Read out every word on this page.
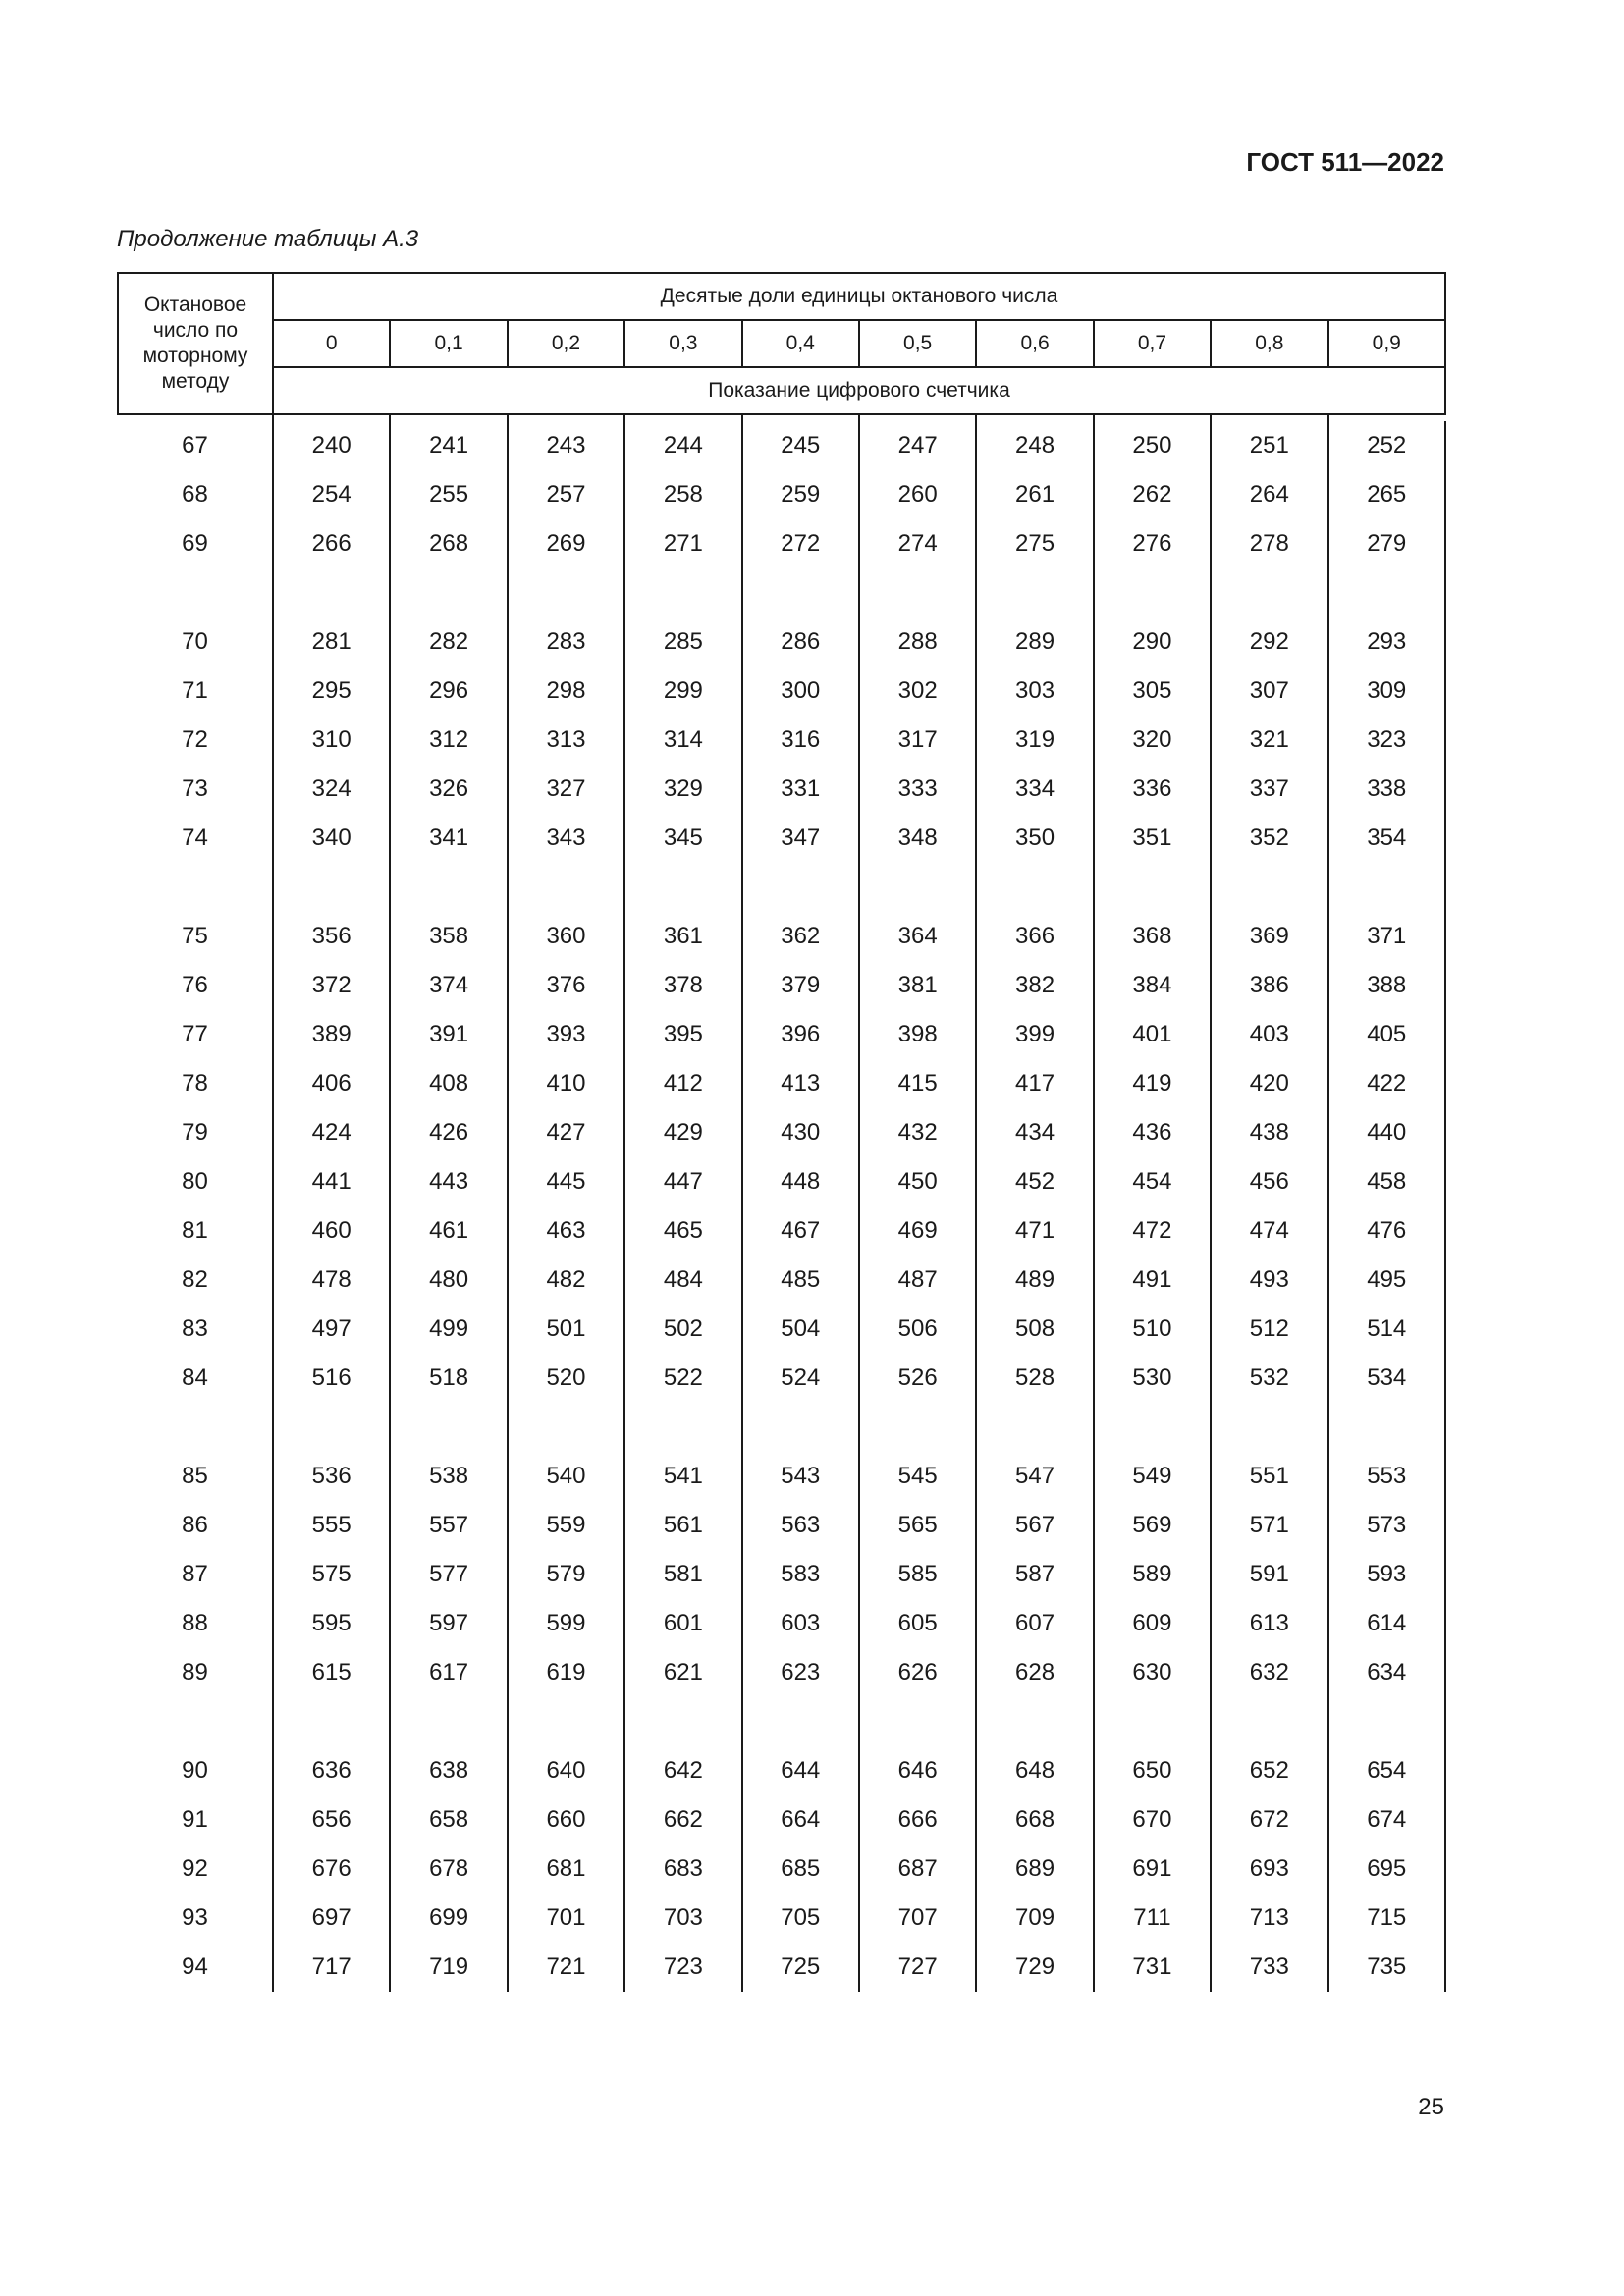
ГОСТ 511—2022
Продолжение таблицы А.3
Октановое число по моторному методу	Десятые доли единицы октанового числа									
	0	0,1	0,2	0,3	0,4	0,5	0,6	0,7	0,8	0,9
	Показание цифрового счетчика									

67	240	241	243	244	245	247	248	250	251	252
68	254	255	257	258	259	260	261	262	264	265
69	266	268	269	271	272	274	275	276	278	279

70	281	282	283	285	286	288	289	290	292	293
71	295	296	298	299	300	302	303	305	307	309
72	310	312	313	314	316	317	319	320	321	323
73	324	326	327	329	331	333	334	336	337	338
74	340	341	343	345	347	348	350	351	352	354

75	356	358	360	361	362	364	366	368	369	371
76	372	374	376	378	379	381	382	384	386	388
77	389	391	393	395	396	398	399	401	403	405
78	406	408	410	412	413	415	417	419	420	422
79	424	426	427	429	430	432	434	436	438	440
80	441	443	445	447	448	450	452	454	456	458
81	460	461	463	465	467	469	471	472	474	476
82	478	480	482	484	485	487	489	491	493	495
83	497	499	501	502	504	506	508	510	512	514
84	516	518	520	522	524	526	528	530	532	534

85	536	538	540	541	543	545	547	549	551	553
86	555	557	559	561	563	565	567	569	571	573
87	575	577	579	581	583	585	587	589	591	593
88	595	597	599	601	603	605	607	609	613	614
89	615	617	619	621	623	626	628	630	632	634

90	636	638	640	642	644	646	648	650	652	654
91	656	658	660	662	664	666	668	670	672	674
92	676	678	681	683	685	687	689	691	693	695
93	697	699	701	703	705	707	709	711	713	715
94	717	719	721	723	725	727	729	731	733	735
25
